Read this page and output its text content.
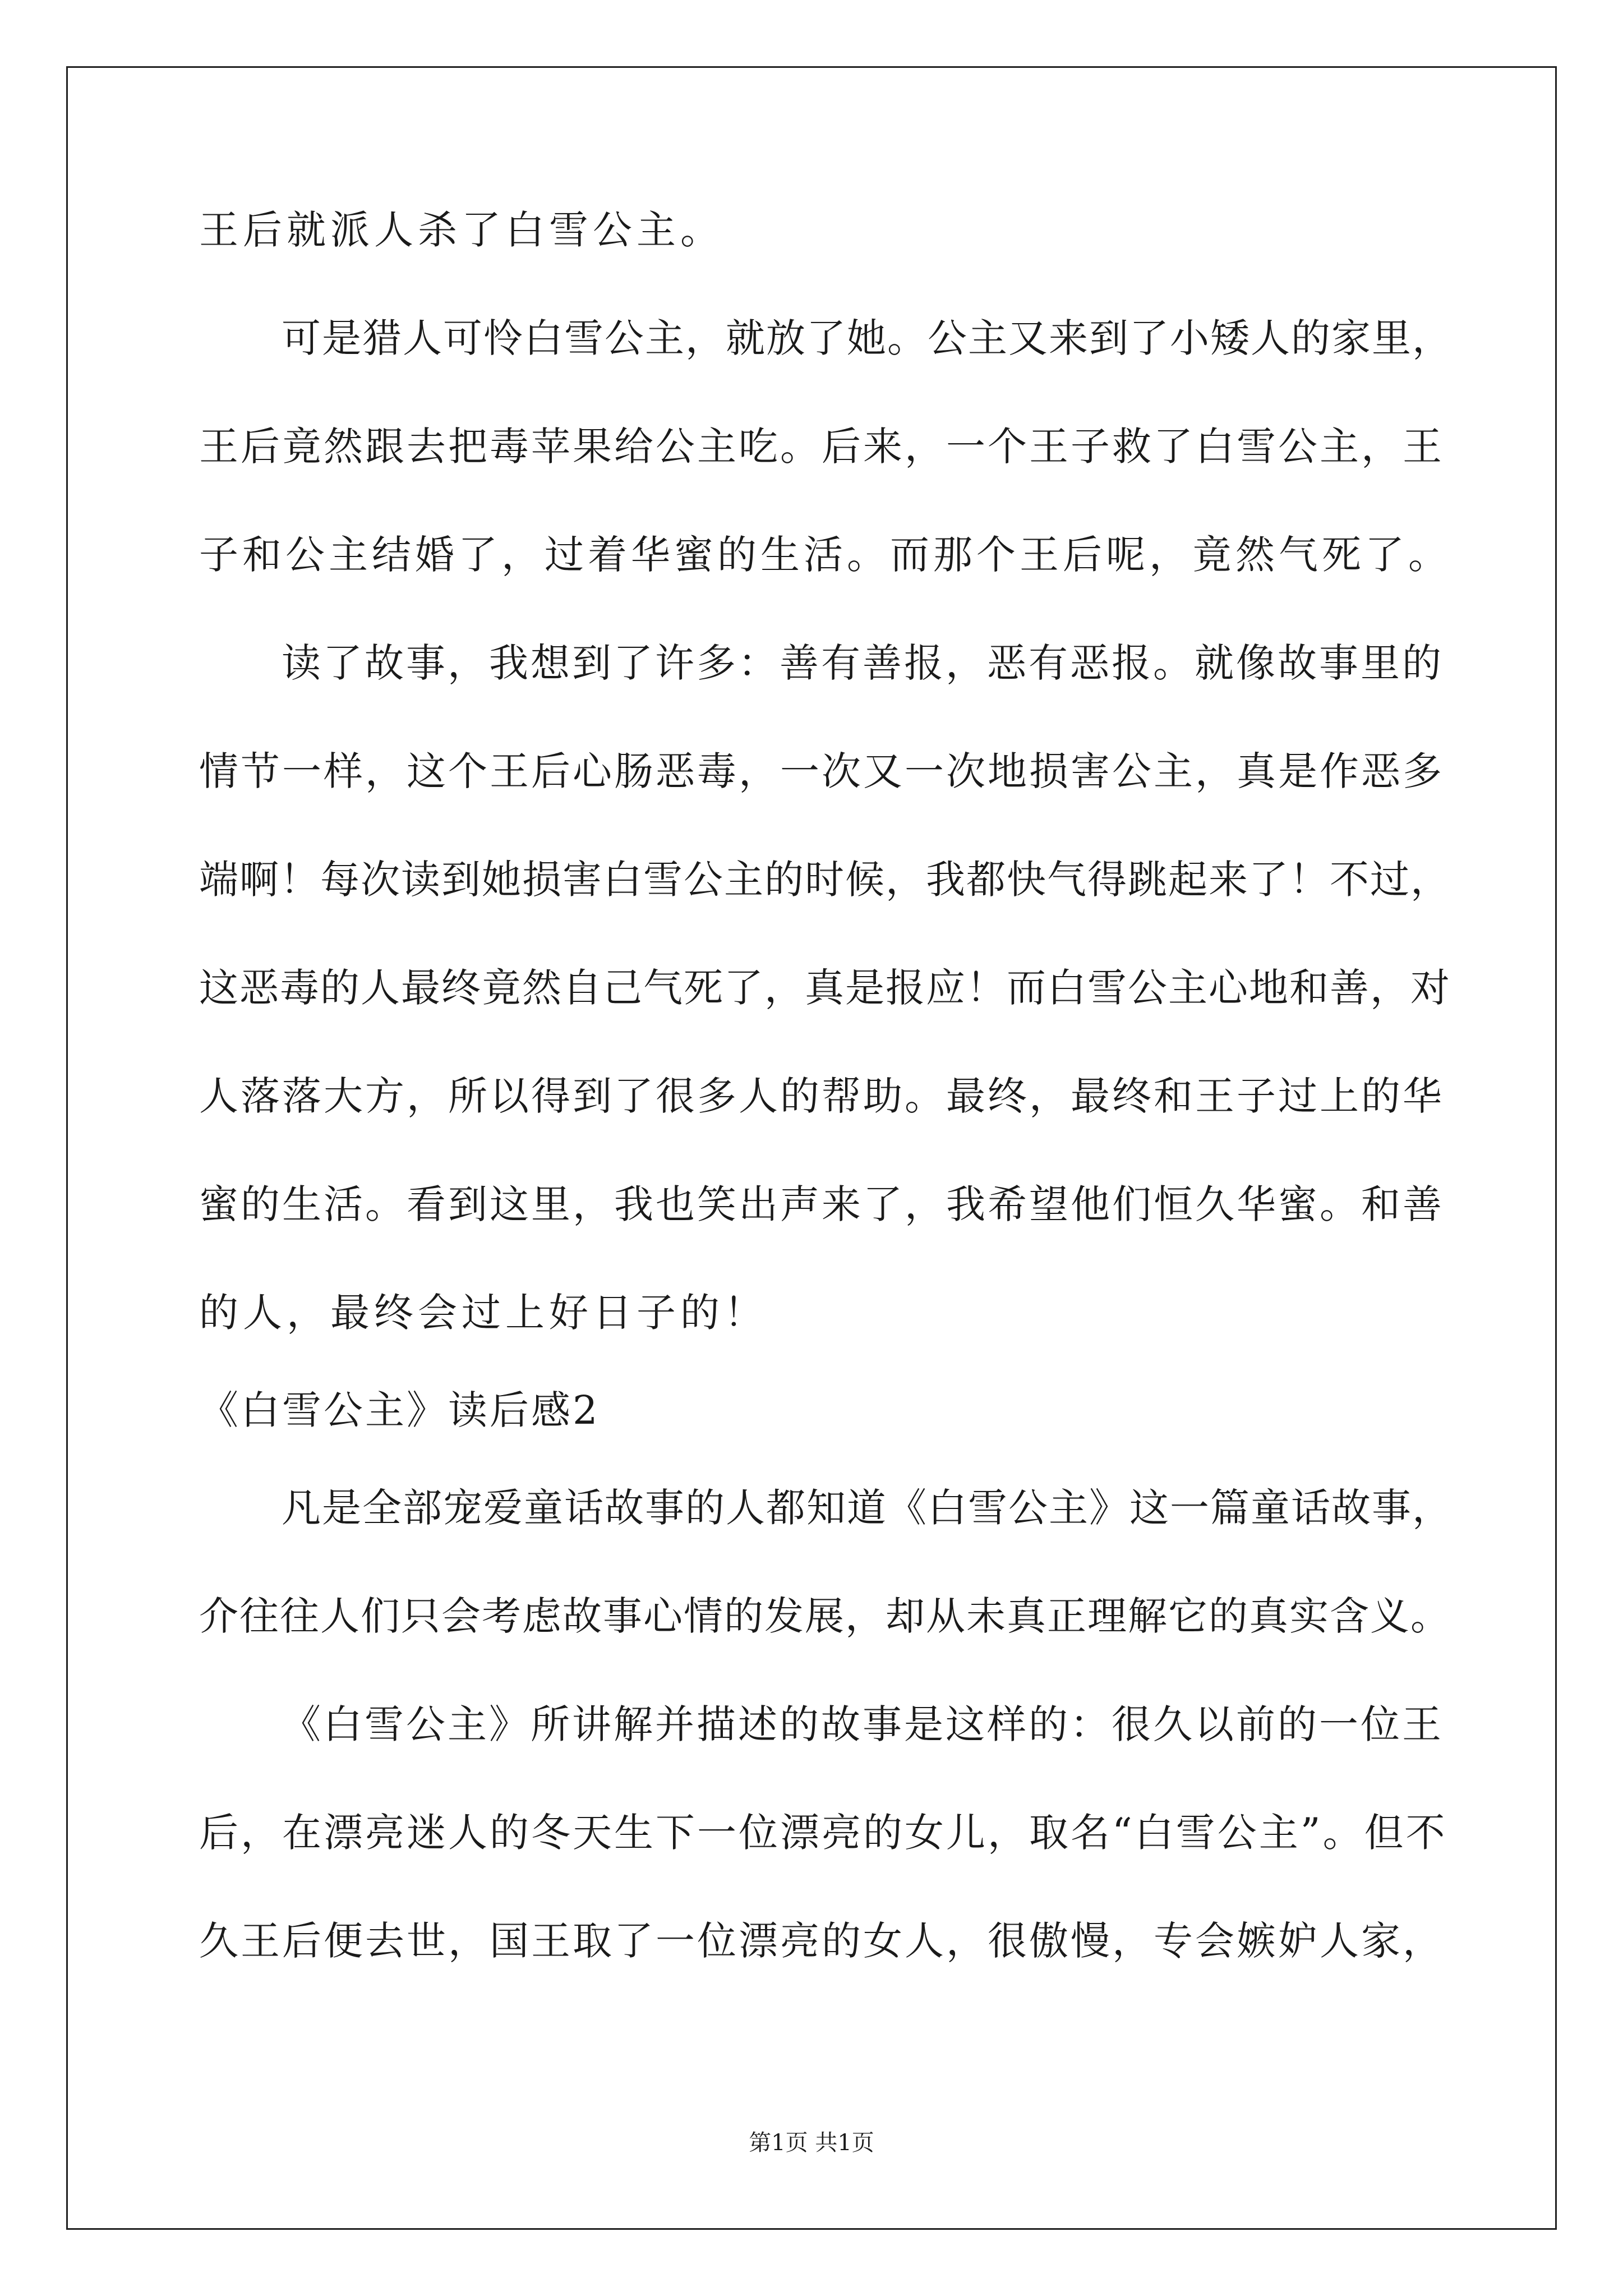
王后就派人杀了白雪公主。
可是猎人可怜白雪公主，就放了她。公主又来到了小矮人的家里，
王后竟然跟去把毒苹果给公主吃。后来，一个王子救了白雪公主，王
子和公主结婚了，过着华蜜的生活。而那个王后呢，竟然气死了。
读了故事，我想到了许多：善有善报，恶有恶报。就像故事里的
情节一样，这个王后心肠恶毒，一次又一次地损害公主，真是作恶多
端啊！每次读到她损害白雪公主的时候，我都快气得跳起来了！不过，
这恶毒的人最终竟然自己气死了，真是报应！而白雪公主心地和善，对
人落落大方，所以得到了很多人的帮助。最终，最终和王子过上的华
蜜的生活。看到这里，我也笑出声来了，我希望他们恒久华蜜。和善
的人，最终会过上好日子的！
《白雪公主》读后感2
凡是全部宠爱童话故事的人都知道《白雪公主》这一篇童话故事，
介往往人们只会考虑故事心情的发展，却从未真正理解它的真实含义。
《白雪公主》所讲解并描述的故事是这样的：很久以前的一位王
后，在漂亮迷人的冬天生下一位漂亮的女儿，取名“白雪公主”。但不
久王后便去世，国王取了一位漂亮的女人，很傲慢，专会嫉妒人家，
第1页 共1页
